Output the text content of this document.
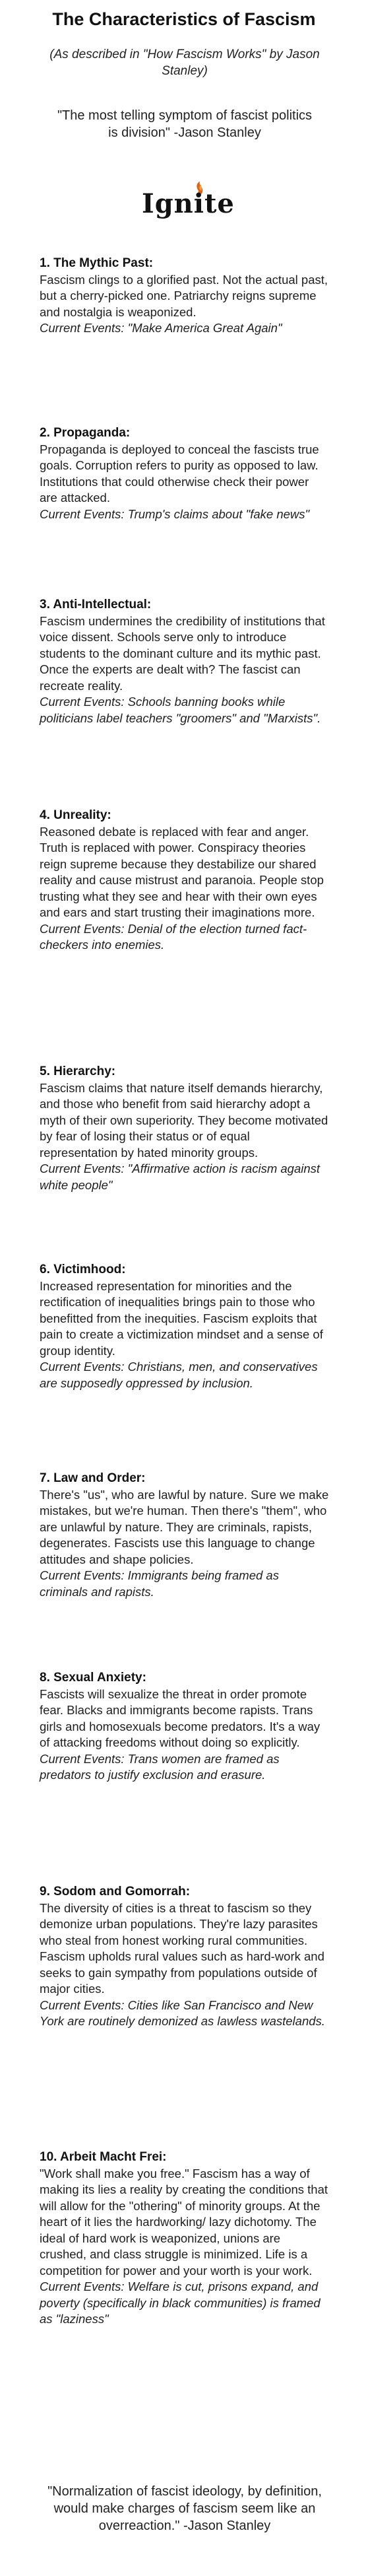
The Characteristics of Fascism
(As described in "How Fascism Works" by Jason Stanley)
"The most telling symptom of fascist politics is division" -Jason Stanley
Ignite

1. The Mythic Past:

Fascism clings to a glorified past. Not the actual past, but a cherry-picked one. Patriarchy reigns supreme and nostalgia is weaponized.

Current Events: "Make America Great Again"

2. Propaganda:

Propaganda is deployed to conceal the fascists true goals. Corruption refers to purity as opposed to law. Institutions that could otherwise check their power are attacked.

Current Events: Trump's claims about "fake news"

3. Anti-Intellectual:

Fascism undermines the credibility of institutions that voice dissent. Schools serve only to introduce students to the dominant culture and its mythic past. Once the experts are dealt with? The fascist can recreate reality.

Current Events: Schools banning books while politicians label teachers "groomers" and "Marxists".

4. Unreality:

Reasoned debate is replaced with fear and anger. Truth is replaced with power. Conspiracy theories reign supreme because they destabilize our shared reality and cause mistrust and paranoia. People stop trusting what they see and hear with their own eyes and ears and start trusting their imaginations more.

Current Events: Denial of the election turned fact-checkers into enemies.

5. Hierarchy:

Fascism claims that nature itself demands hierarchy, and those who benefit from said hierarchy adopt a myth of their own superiority. They become motivated by fear of losing their status or of equal representation by hated minority groups.

Current Events: "Affirmative action is racism against white people"

6. Victimhood:

Increased representation for minorities and the rectification of inequalities brings pain to those who benefitted from the inequities. Fascism exploits that pain to create a victimization mindset and a sense of group identity.

Current Events: Christians, men, and conservatives are supposedly oppressed by inclusion.

7. Law and Order:

There's "us", who are lawful by nature. Sure we make mistakes, but we're human. Then there's "them", who are unlawful by nature. They are criminals, rapists, degenerates. Fascists use this language to change attitudes and shape policies.

Current Events: Immigrants being framed as criminals and rapists.

8. Sexual Anxiety:

Fascists will sexualize the threat in order promote fear. Blacks and immigrants become rapists. Trans girls and homosexuals become predators. It's a way of attacking freedoms without doing so explicitly.

Current Events: Trans women are framed as predators to justify exclusion and erasure.

9. Sodom and Gomorrah:

The diversity of cities is a threat to fascism so they demonize urban populations. They're lazy parasites who steal from honest working rural communities. Fascism upholds rural values such as hard-work and seeks to gain sympathy from populations outside of major cities.

Current Events: Cities like San Francisco and New York are routinely demonized as lawless wastelands.

10. Arbeit Macht Frei:

"Work shall make you free." Fascism has a way of making its lies a reality by creating the conditions that will allow for the "othering" of minority groups. At the heart of it lies the hardworking/ lazy dichotomy. The ideal of hard work is weaponized, unions are crushed, and class struggle is minimized. Life is a competition for power and your worth is your work.

Current Events: Welfare is cut, prisons expand, and poverty (specifically in black communities) is framed as "laziness"

"Normalization of fascist ideology, by definition, would make charges of fascism seem like an overreaction." -Jason Stanley
